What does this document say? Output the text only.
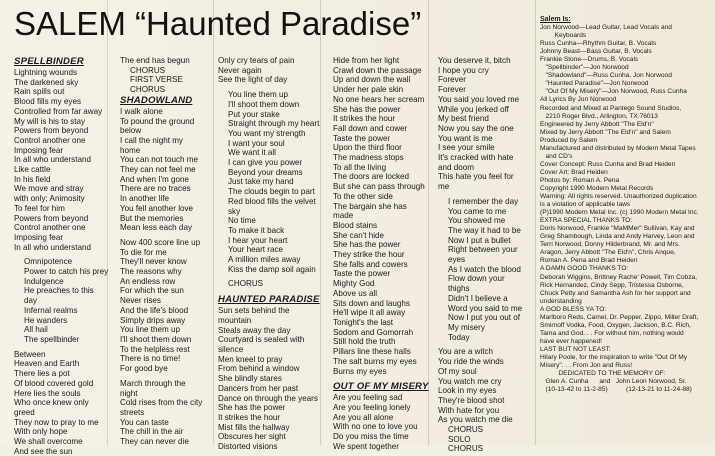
SALEM “Haunted Paradise”
SPELLBINDER
Lightning wounds
The darkened sky
Rain spills out
Blood fills my eyes
Controlled from far away
My will is his to stay
Powers from beyond
Control another one
Imposing fear
In all who understand
Like cattle
In his field
We move and stray
with only; Animosity
To feel for him
Powers from beyond
Control another one
Imposing fear
In all who understand
Omnipotence
Power to catch his prey
Indulgence
He preaches to this
day
Infernal realms
He wanders
All hail
The spellbinder
Between
Heaven and Earth
There lies a pot
Of blood covered gold
Here lies the souls
Who once knew only
greed
They now to pray to me
With only hope
We shall overcome
And see the sun
The end has begun
CHORUS
FIRST VERSE
CHORUS
SHADOWLAND
I walk alone
To pound the ground
below
I call the night my
home
You can not touch me
They can not feel me
And when I'm gone
There are no traces
In another life
You fell another love
But the memories
Mean less each day
Now 400 score line up
To die for me
They'll never know
The reasons why
An endless row
For which the sun
Never rises
And the life's blood
Simply drips away
You line them up
I'll shoot them down
To the helpless rest
There is no time!
For good bye
March through the
night
Cold rises from the city
streets
You can taste
The chill in the air
They can never die
Only cry tears of pain
Never again
See the light of day
You line them up
I'll shoot them down
Put your stake
Straight through my heart
You want my strength
I want your soul
We want it all
I can give you power
Beyond your dreams
Just take my hand
The clouds begin to part
Red blood fills the velvet
sky
No time
To make it back
I hear your heart
Your heart race
A million miles away
Kiss the damp soil again
CHORUS
HAUNTED PARADISE
Sun sets behind the
mountain
Steals away the day
Courtyard is sealed with
silence
Men kneel to pray
From behind a window
She blindly stares
Dancers from her past
Dance on through the years
She has the power
It strikes the hour
Mist fills the hallway
Obscures her sight
Distorted visions
Hide from her light
Crawl down the passage
Up and down the wall
Under her pale skin
No one hears her scream
She has the power
It strikes the hour
Fall down and cower
Taste the power
Upon the third floor
The madness stops
To all the living
The doors are locked
But she can pass through
To the other side
The bargain she has
made
Blood stains
She can't hide
She has the power
They strike the hour
She falls and cowers
Taste the power
Mighty God
Above us all
Sits down and laughs
He'll wipe it all away
Tonight's the last
Sodom and Gomorrah
Still hold the truth
Pillars line these halls
The salt burns my eyes
Burns my eyes
OUT OF MY MISERY
Are you feeling sad
Are you feeling lonely
Are you all alone
With no one to love you
Do you miss the time
We spent together
You deserve it, bitch
I hope you cry
Forever
Forever
You said you loved me
While you jerked off
My best friend
Now you say the one
You want is me
I see your smile
It's cracked with hate
and doom
This hate you feel for
me
I remember the day
You came to me
You showed me
The way it had to be
Now I put a bullet
Right between your
eyes
As I watch the blood
Flow down your
thighs
Didn't I believe a
Word you said to me
Now I put you out of
My misery
Today
You are a witch
You ride the winds
Of my soul
You watch me cry
Look in my eyes
They're blood shot
With hate for you
As you watch me die
CHORUS
SOLO
CHORUS
Salem Is:
Jon Norwood—Lead Guitar, Lead Vocals and
Keyboards
Russ Cunha—Rhythm Guitar, B. Vocals
Johnny Beast—Bass Guitar, B. Vocals
Frankie Stone—Drums, B. Vocals
"Spellbinder"—Jon Norwood
"Shadowland"—Russ Cunha, Jon Norwood
"Haunted Paradise"—Jon Norwood
"Out Of My Misery"—Jon Norwood, Russ Cunha
All Lyrics By Jon Norwood
Recorded and Mixed at Pantego Sound Studios,
2210 Roger Blvd., Arlington, TX 76013
Engineered by Jerry Abbott "The Eld'n"
Mixed by Jerry Abbott "The Eld'n" and Salem
Produced by Salem
Manufactured and distributed by Modern Metal Tapes
and CD's
Cover Concept: Russ Cunha and Brad Heiden
Cover Art: Brad Heiden
Photos by: Roman A. Pena
Copyright 1990 Modern Metal Records
Warning: All rights reserved. Unauthorized duplication
is a violation of applicable laws
(P)1990 Modern Metal Inc. (c) 1990 Modern Metal Inc.
EXTRA SPECIAL THANKS TO:
Doris Norwood, Frankie "MaMMer" Sullivan, Kay and
Greg Shambough, Linda and Andy Harvey, Leon and
Terri Norwood, Donny Hilderbrand, Mr. and Mrs.
Aragon, Jerry Abbott "The Eld'n", Chris Anque,
Roman A. Pena and Brad Heiden
A DAMN GOOD THANKS TO:
Deborah Wiggins, Brittney Rache' Powell, Tim Cobza,
Rick Hernandez, Cindy Sepp, Tristessa Osborne,
Chuck Petty and Samantha Ash for her support and
understanding
A GOD BLESS YA TO:
Marlboro Reds, Camel, Dr. Pepper, Zippo, Miller Draft,
Smirnoff Vodka, Food, Oxygen, Jackson, B.C. Rich,
Tama and God. . . For without him, nothing would
have ever happened!
LAST BUT NOT LEAST:
Hilary Poole, for the inspiration to write "Out Of My
Misery". . . From Jon and Russ!
DEDICATED TO THE MEMORY OF:
Glen A. Cunha      and   John Leon Norwood, Sr.
(10-13-42 to 11-2-85)          (12-13-21 to 11-24-88)
